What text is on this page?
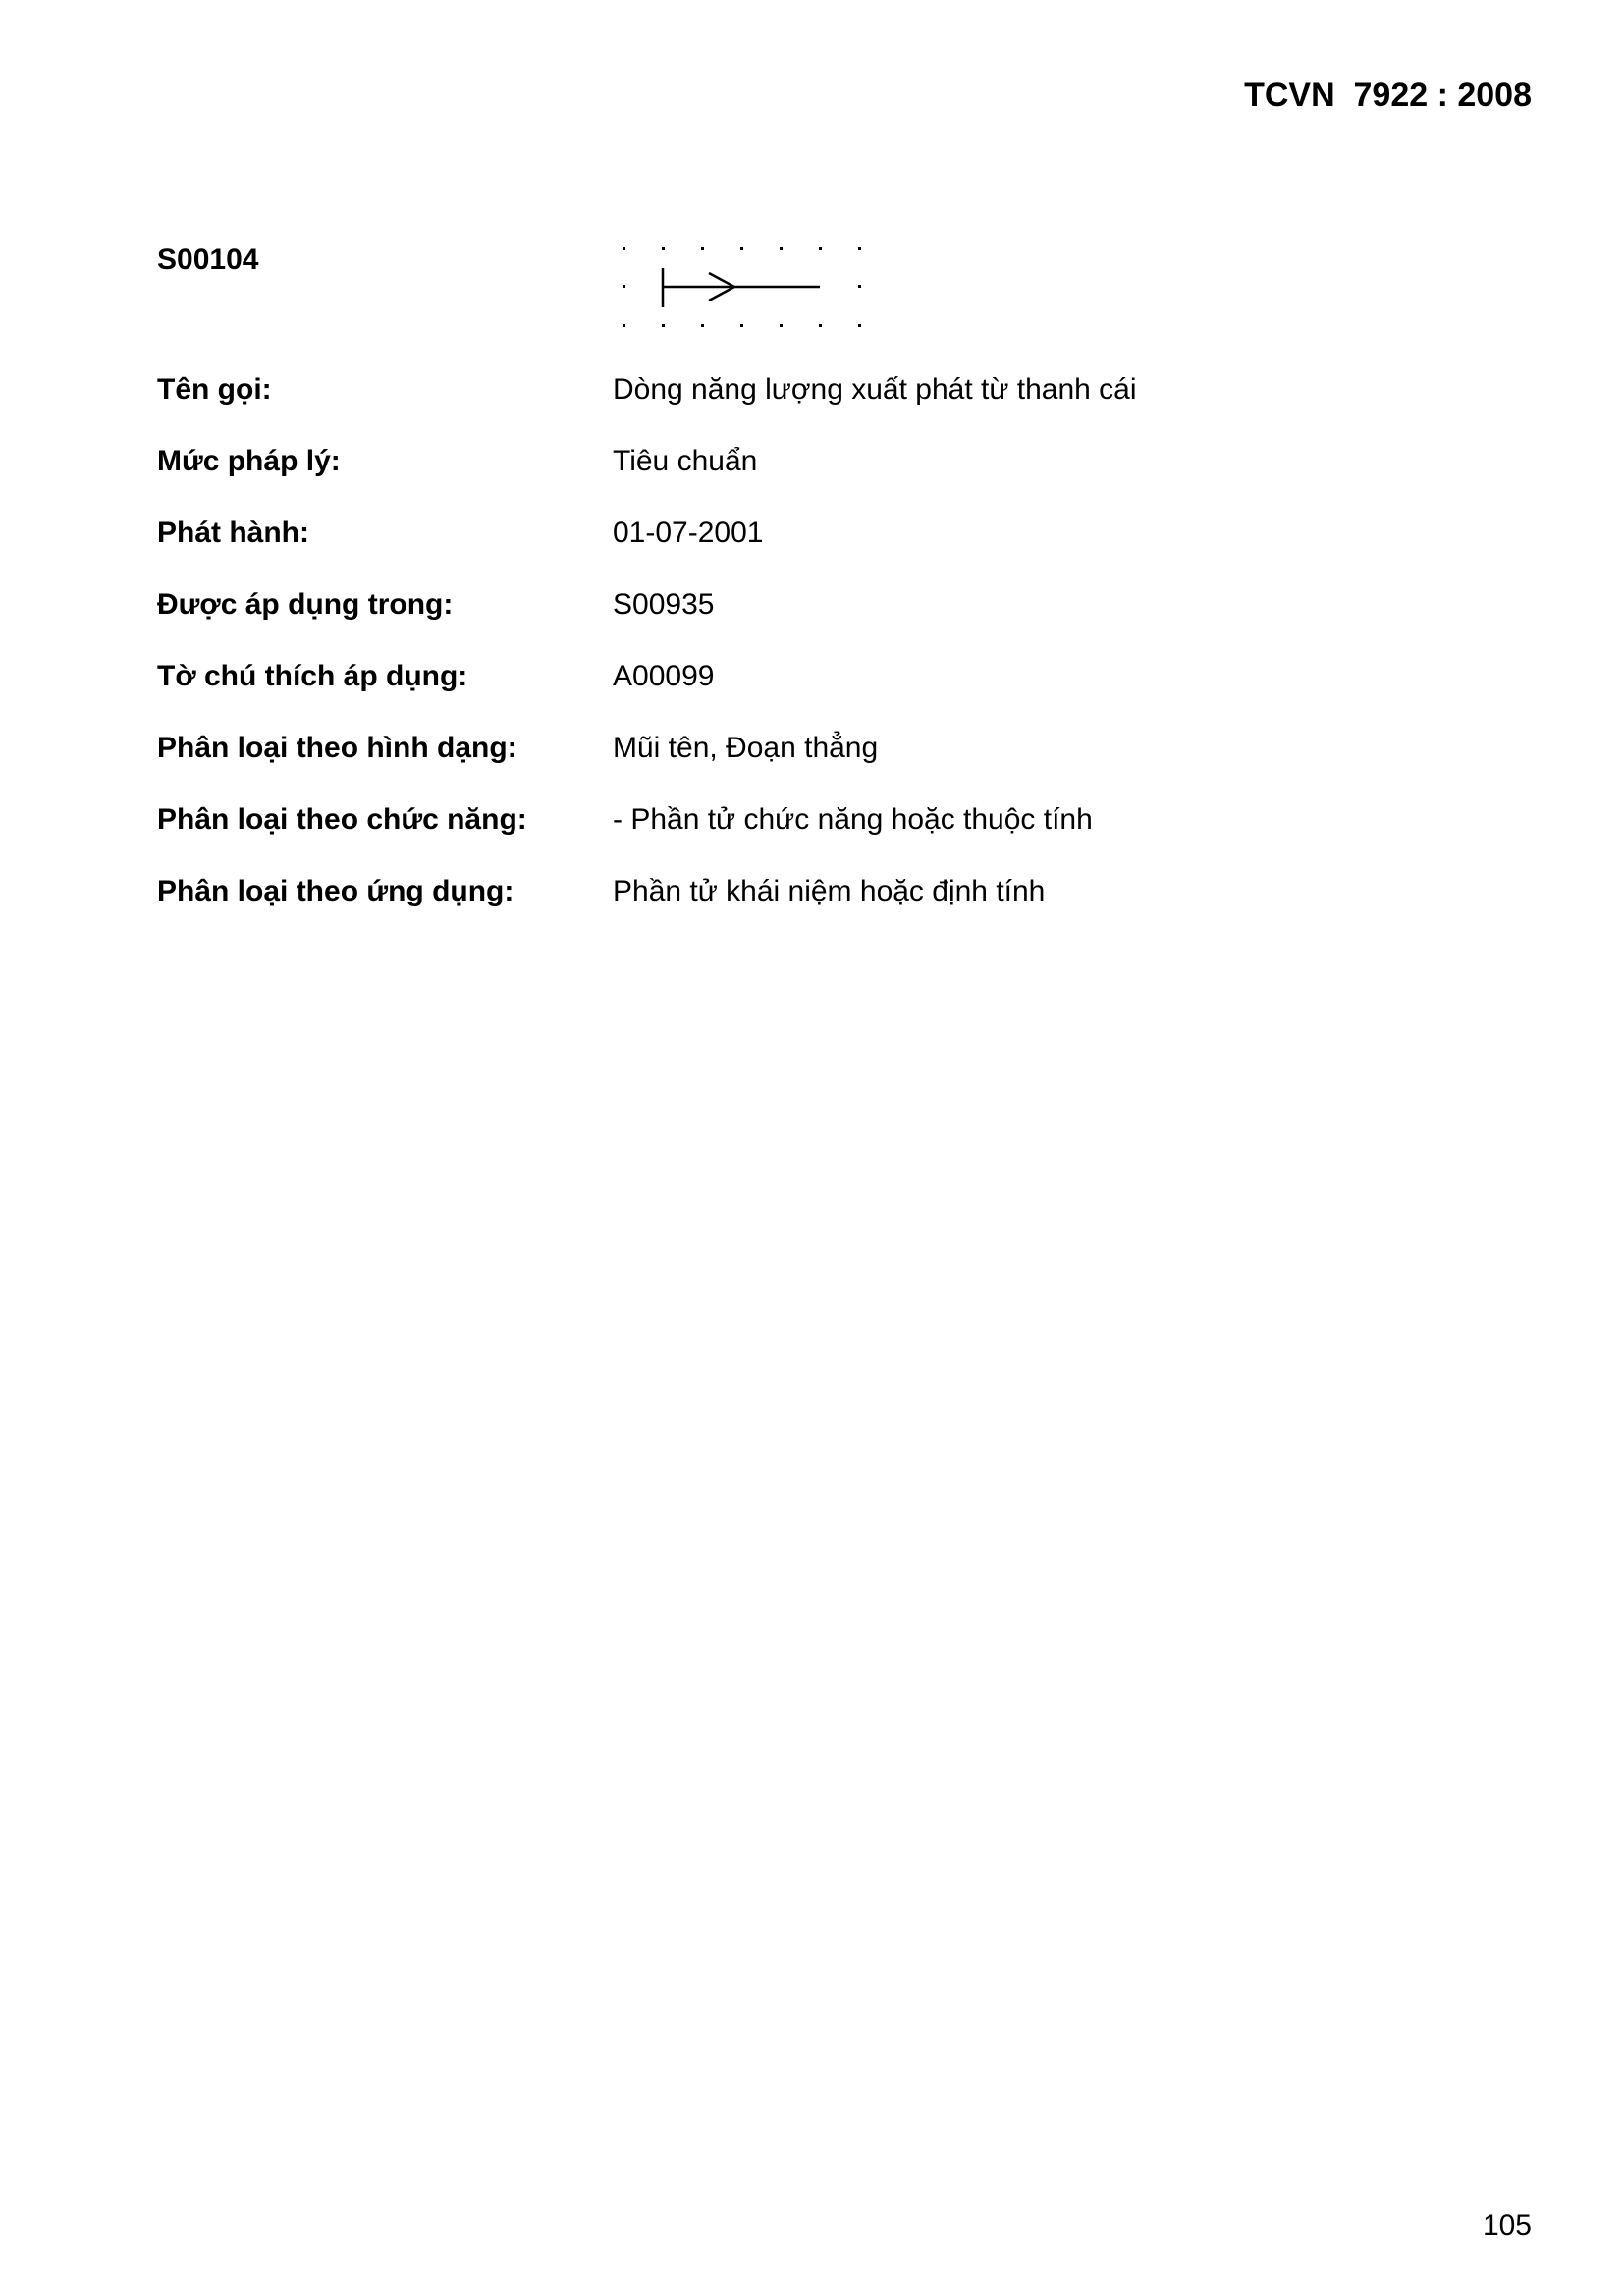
TCVN  7922 : 2008
S00104
Tên gọi:	Dòng năng lượng xuất phát từ thanh cái
Mức pháp lý:	Tiêu chuẩn
Phát hành:	01-07-2001
Được áp dụng trong:	S00935
Tờ chú thích áp dụng:	A00099
Phân loại theo hình dạng:	Mũi tên, Đoạn thẳng
Phân loại theo chức năng:	- Phần tử chức năng hoặc thuộc tính
Phân loại theo ứng dụng:	Phần tử khái niệm hoặc định tính
105
